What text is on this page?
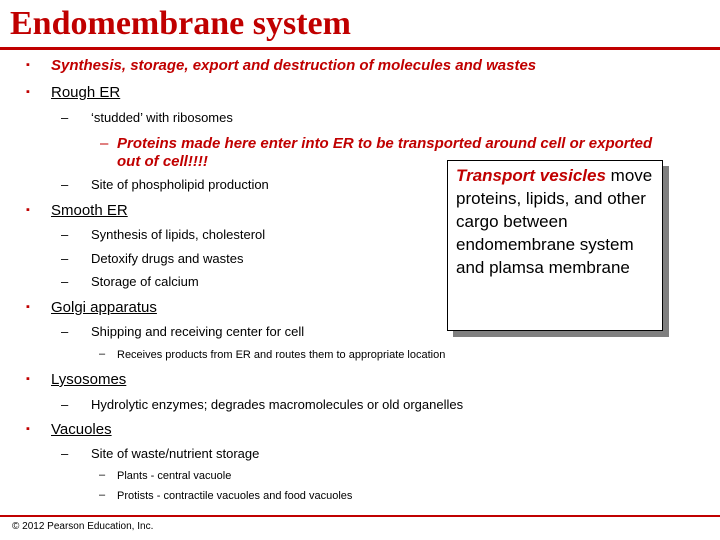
Endomembrane system
▪ Synthesis, storage, export and destruction of molecules and wastes
▪ Rough ER
– ‘studded’ with ribosomes
– Proteins made here enter into ER to be transported around cell or exported
out of cell!!!!
– Site of phospholipid production
▪ Smooth ER
– Synthesis of lipids, cholesterol
– Detoxify drugs and wastes
– Storage of calcium
▪ Golgi apparatus
– Shipping and receiving center for cell
– Receives products from ER and routes them to appropriate location
▪ Lysosomes
– Hydrolytic enzymes; degrades macromolecules or old organelles
▪ Vacuoles
– Site of waste/nutrient storage
– Plants - central vacuole
– Protists - contractile vacuoles and food vacuoles
Transport vesicles move proteins, lipids, and other cargo between endomembrane system and plamsa membrane
© 2012 Pearson Education, Inc.
